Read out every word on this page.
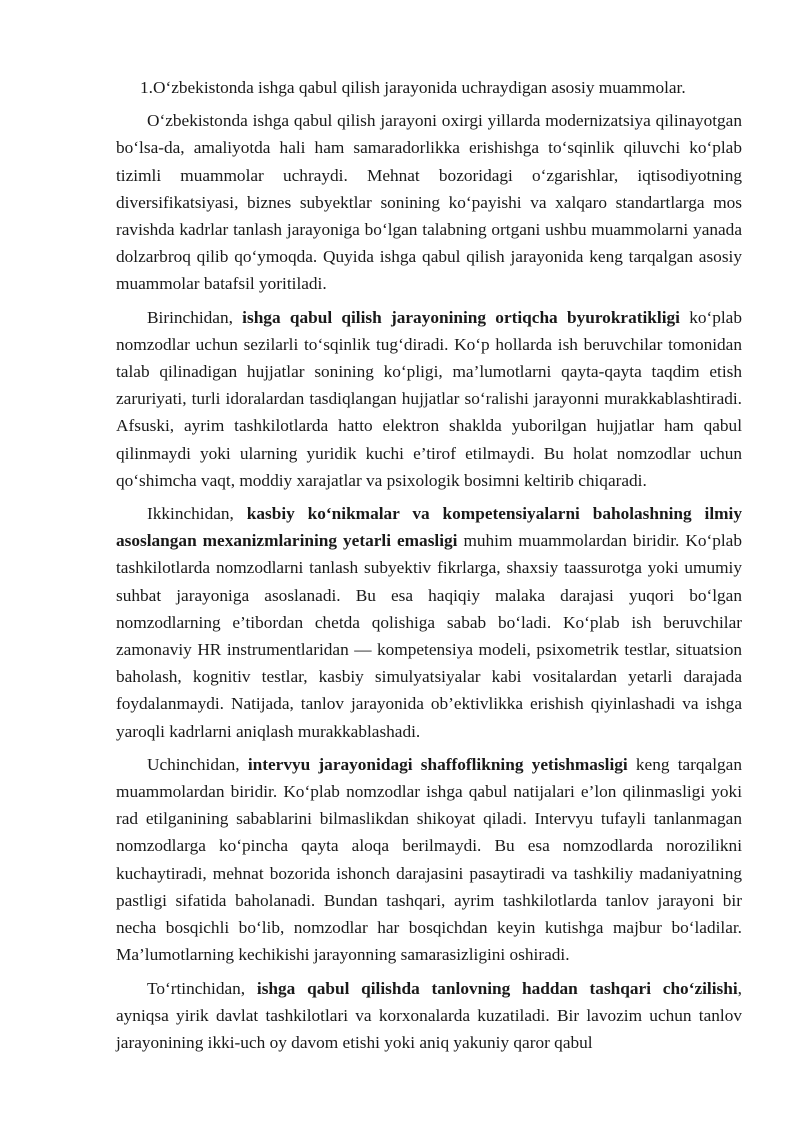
1.O‘zbekistonda ishga qabul qilish jarayonida uchraydigan asosiy muammolar.

O‘zbekistonda ishga qabul qilish jarayoni oxirgi yillarda modernizatsiya qilinayotgan bo‘lsa-da, amaliyotda hali ham samaradorlikka erishishga to‘sqinlik qiluvchi ko‘plab tizimli muammolar uchraydi. Mehnat bozoridagi o‘zgarishlar, iqtisodiyotning diversifikatsiyasi, biznes subyektlar sonining ko‘payishi va xalqaro standartlarga mos ravishda kadrlar tanlash jarayoniga bo‘lgan talabning ortgani ushbu muammolarni yanada dolzarbroq qilib qo‘ymoqda. Quyida ishga qabul qilish jarayonida keng tarqalgan asosiy muammolar batafsil yoritiladi.

Birinchidan, ishga qabul qilish jarayonining ortiqcha byurokratikligi ko‘plab nomzodlar uchun sezilarli to‘sqinlik tug‘diradi. Ko‘p hollarda ish beruvchilar tomonidan talab qilinadigan hujjatlar sonining ko‘pligi, ma’lumotlarni qayta-qayta taqdim etish zaruriyati, turli idoralardan tasdiqlangan hujjatlar so‘ralishi jarayonni murakkablashtiradi. Afsuski, ayrim tashkilotlarda hatto elektron shaklda yuborilgan hujjatlar ham qabul qilinmaydi yoki ularning yuridik kuchi e’tirof etilmaydi. Bu holat nomzodlar uchun qo‘shimcha vaqt, moddiy xarajatlar va psixologik bosimni keltirib chiqaradi.

Ikkinchidan, kasbiy ko‘nikmalar va kompetensiyalarni baholashning ilmiy asoslangan mexanizmlarining yetarli emasligi muhim muammolardan biridir. Ko‘plab tashkilotlarda nomzodlarni tanlash subyektiv fikrlarga, shaxsiy taassurotga yoki umumiy suhbat jarayoniga asoslanadi. Bu esa haqiqiy malaka darajasi yuqori bo‘lgan nomzodlarning e’tibordan chetda qolishiga sabab bo‘ladi. Ko‘plab ish beruvchilar zamonaviy HR instrumentlaridan — kompetensiya modeli, psixometrik testlar, situatsion baholash, kognitiv testlar, kasbiy simulyatsiyalar kabi vositalardan yetarli darajada foydalanmaydi. Natijada, tanlov jarayonida ob’ektivlikka erishish qiyinlashadi va ishga yaroqli kadrlarni aniqlash murakkablashadi.

Uchinchidan, intervyu jarayonidagi shaffoflikning yetishmasligi keng tarqalgan muammolardan biridir. Ko‘plab nomzodlar ishga qabul natijalari e’lon qilinmasligi yoki rad etilganining sabablarini bilmaslikdan shikoyat qiladi. Intervyu tufayli tanlanmagan nomzodlarga ko‘pincha qayta aloqa berilmaydi. Bu esa nomzodlarda norozilikni kuchaytiradi, mehnat bozorida ishonch darajasini pasaytiradi va tashkiliy madaniyatning pastligi sifatida baholanadi. Bundan tashqari, ayrim tashkilotlarda tanlov jarayoni bir necha bosqichli bo‘lib, nomzodlar har bosqichdan keyin kutishga majbur bo‘ladilar. Ma’lumotlarning kechikishi jarayonning samarasizligini oshiradi.

To‘rtinchidan, ishga qabul qilishda tanlovning haddan tashqari cho‘zilishi, ayniqsa yirik davlat tashkilotlari va korxonalarda kuzatiladi. Bir lavozim uchun tanlov jarayonining ikki-uch oy davom etishi yoki aniq yakuniy qaror qabul
